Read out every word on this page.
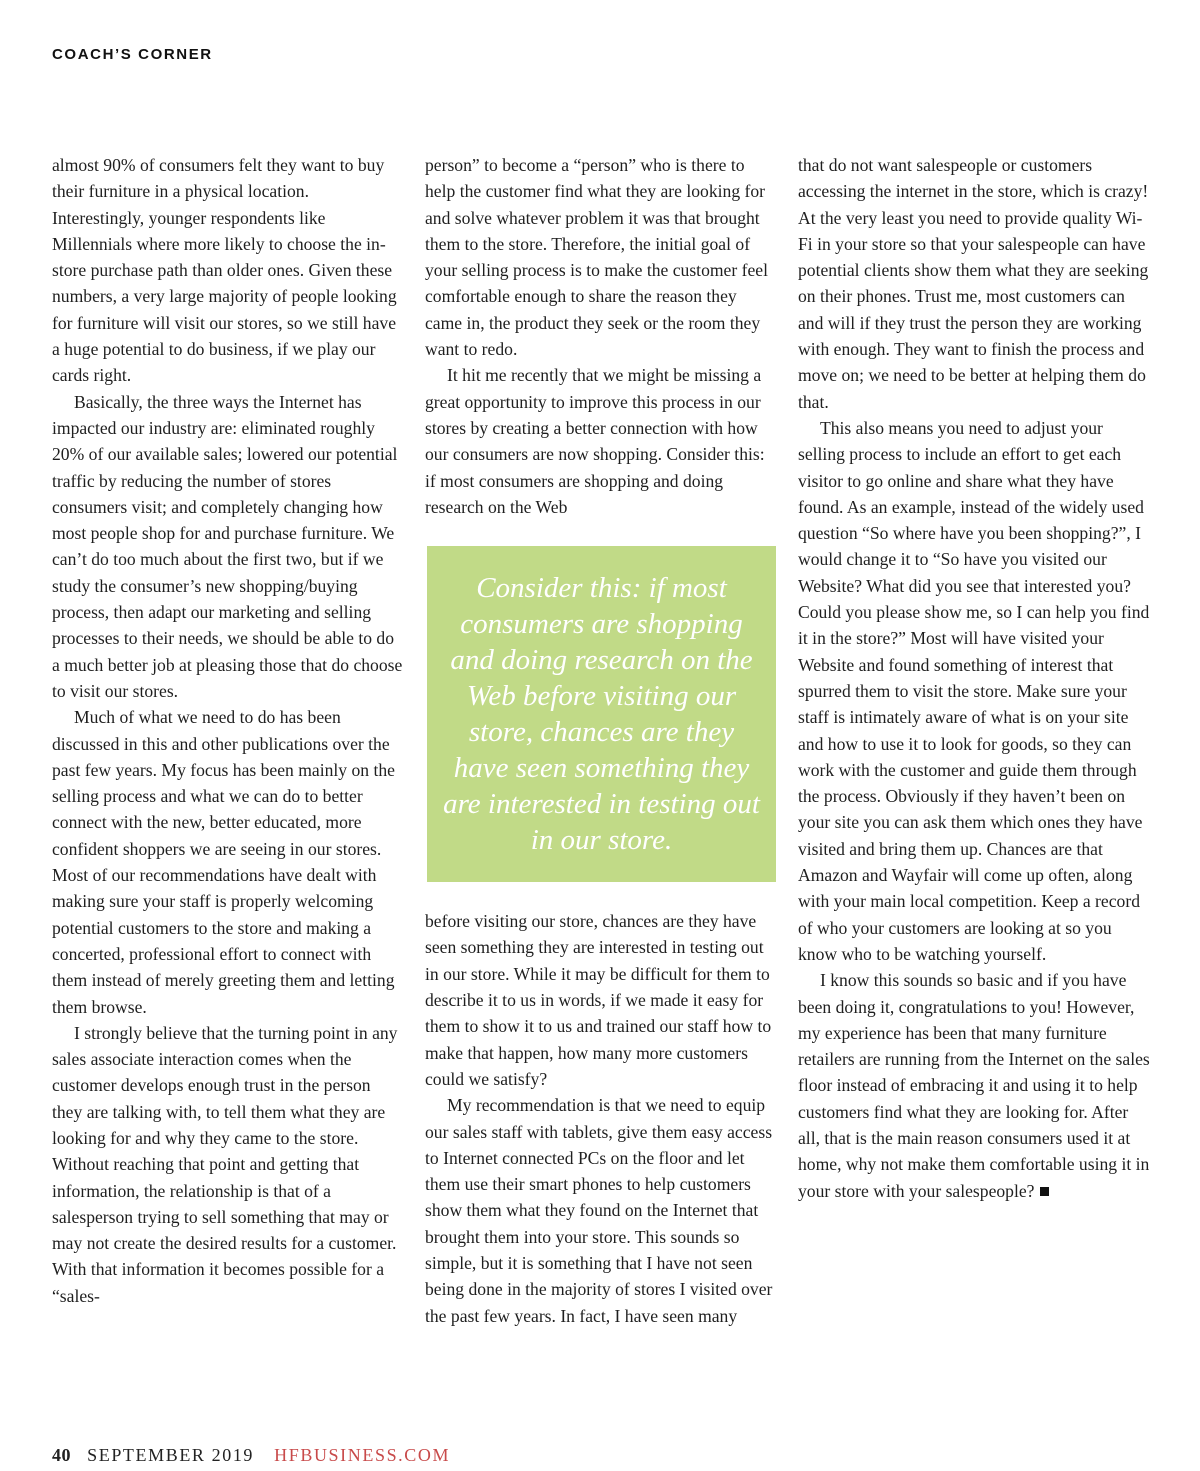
COACH’S CORNER

almost 90% of consumers felt they want to buy their furniture in a physical location. Interestingly, younger respondents like Millennials where more likely to choose the in-store purchase path than older ones. Given these numbers, a very large majority of people looking for furniture will visit our stores, so we still have a huge potential to do business, if we play our cards right.

Basically, the three ways the Internet has impacted our industry are: eliminated roughly 20% of our available sales; lowered our potential traffic by reducing the number of stores consumers visit; and completely changing how most people shop for and purchase furniture. We can’t do too much about the first two, but if we study the consumer’s new shopping/buying process, then adapt our marketing and selling processes to their needs, we should be able to do a much better job at pleasing those that do choose to visit our stores.

Much of what we need to do has been discussed in this and other publications over the past few years. My focus has been mainly on the selling process and what we can do to better connect with the new, better educated, more confident shoppers we are seeing in our stores. Most of our recommendations have dealt with making sure your staff is properly welcoming potential customers to the store and making a concerted, professional effort to connect with them instead of merely greeting them and letting them browse.

I strongly believe that the turning point in any sales associate interaction comes when the customer develops enough trust in the person they are talking with, to tell them what they are looking for and why they came to the store. Without reaching that point and getting that information, the relationship is that of a salesperson trying to sell something that may or may not create the desired results for a customer. With that information it becomes possible for a “sales-

person” to become a “person” who is there to help the customer find what they are looking for and solve whatever problem it was that brought them to the store. Therefore, the initial goal of your selling process is to make the customer feel comfortable enough to share the reason they came in, the product they seek or the room they want to redo.

It hit me recently that we might be missing a great opportunity to improve this process in our stores by creating a better connection with how our consumers are now shopping. Consider this: if most consumers are shopping and doing research on the Web

Consider this: if most consumers are shopping and doing research on the Web before visiting our store, chances are they have seen something they are interested in testing out in our store.

before visiting our store, chances are they have seen something they are interested in testing out in our store. While it may be difficult for them to describe it to us in words, if we made it easy for them to show it to us and trained our staff how to make that happen, how many more customers could we satisfy?

My recommendation is that we need to equip our sales staff with tablets, give them easy access to Internet connected PCs on the floor and let them use their smart phones to help customers show them what they found on the Internet that brought them into your store. This sounds so simple, but it is something that I have not seen being done in the majority of stores I visited over the past few years. In fact, I have seen many

that do not want salespeople or customers accessing the internet in the store, which is crazy! At the very least you need to provide quality Wi-Fi in your store so that your salespeople can have potential clients show them what they are seeking on their phones. Trust me, most customers can and will if they trust the person they are working with enough. They want to finish the process and move on; we need to be better at helping them do that.

This also means you need to adjust your selling process to include an effort to get each visitor to go online and share what they have found. As an example, instead of the widely used question “So where have you been shopping?”, I would change it to “So have you visited our Website? What did you see that interested you? Could you please show me, so I can help you find it in the store?” Most will have visited your Website and found something of interest that spurred them to visit the store. Make sure your staff is intimately aware of what is on your site and how to use it to look for goods, so they can work with the customer and guide them through the process. Obviously if they haven’t been on your site you can ask them which ones they have visited and bring them up. Chances are that Amazon and Wayfair will come up often, along with your main local competition. Keep a record of who your customers are looking at so you know who to be watching yourself.

I know this sounds so basic and if you have been doing it, congratulations to you! However, my experience has been that many furniture retailers are running from the Internet on the sales floor instead of embracing it and using it to help customers find what they are looking for. After all, that is the main reason consumers used it at home, why not make them comfortable using it in your store with your salespeople?

40 SEPTEMBER 2019 HFBUSINESS.COM
